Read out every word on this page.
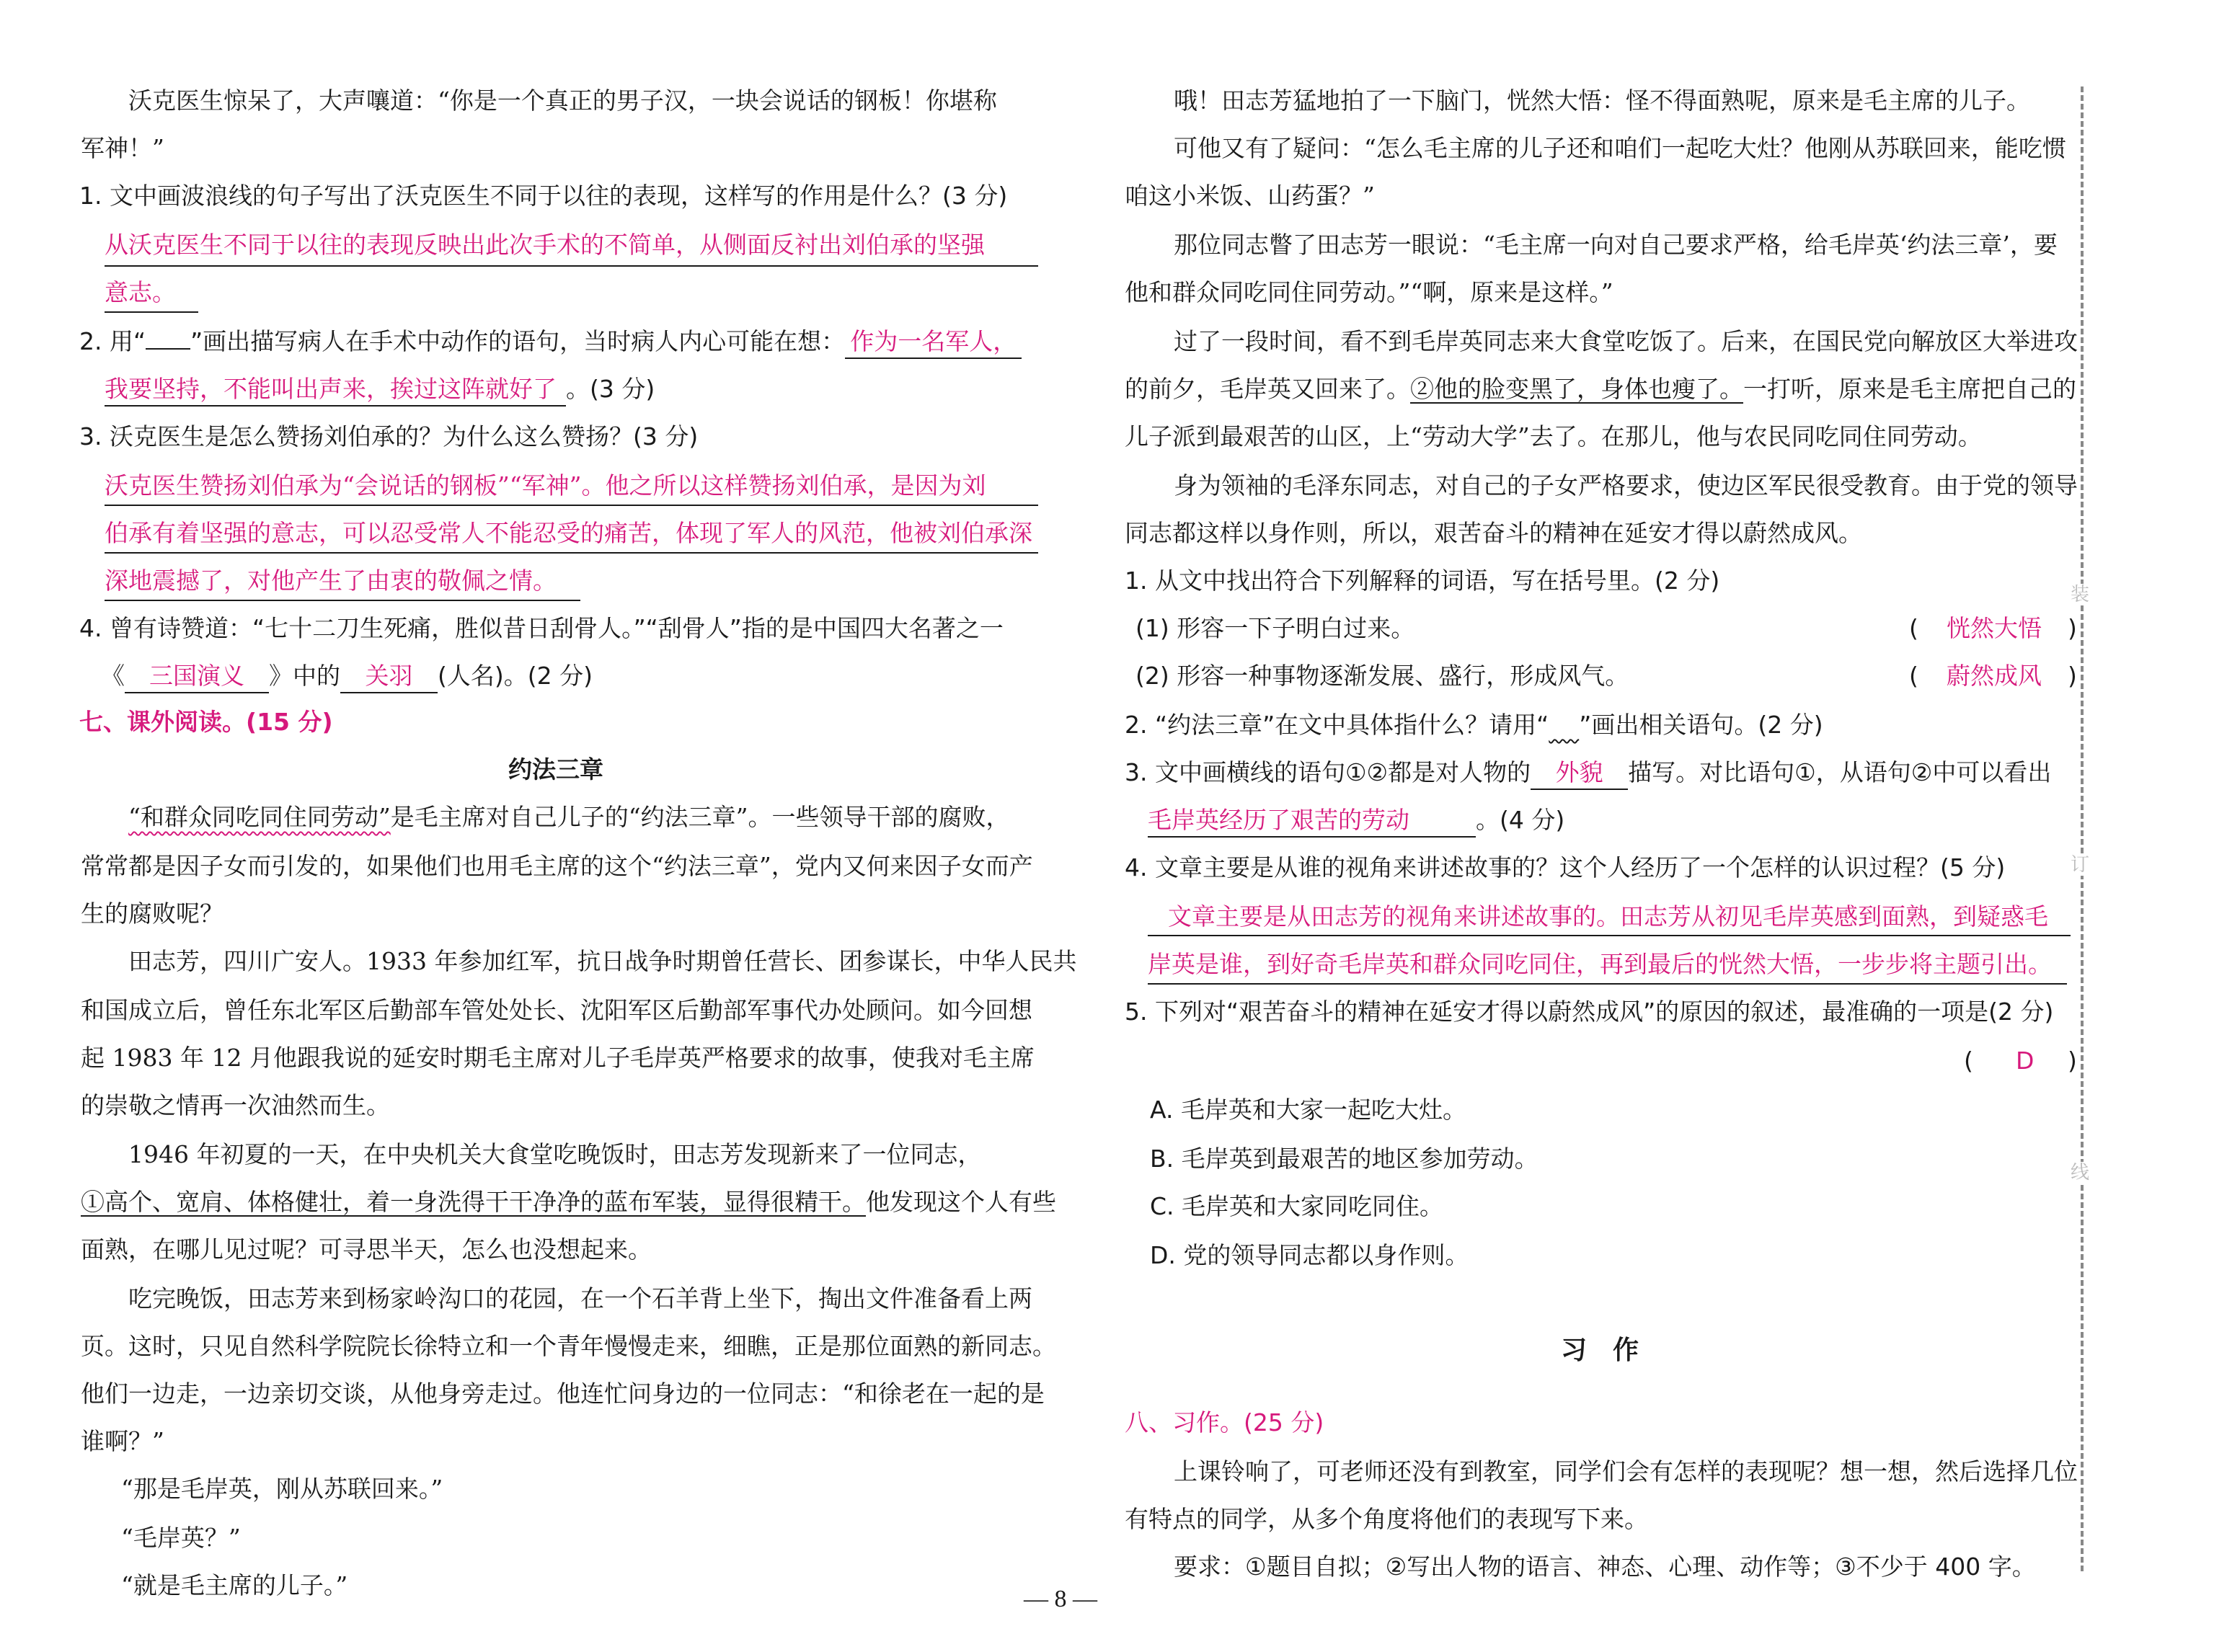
沃克医生惊呆了，大声嚷道：“你是一个真正的男子汉，一块会说话的钢板！你堪称
军神！”
1. 文中画波浪线的句子写出了沃克医生不同于以往的表现，这样写的作用是什么？(3 分)
从沃克医生不同于以往的表现反映出此次手术的不简单，从侧面反衬出刘伯承的坚强
意志。
2. 用“ ”画出描写病人在手术中动作的语句，当时病人内心可能在想： 作为一名军人，
我要坚持，不能叫出声来，挨过这阵就好了 。(3 分)
3. 沃克医生是怎么赞扬刘伯承的？为什么这么赞扬？(3 分)
沃克医生赞扬刘伯承为“会说话的钢板”“军神”。他之所以这样赞扬刘伯承，是因为刘
伯承有着坚强的意志，可以忍受常人不能忍受的痛苦，体现了军人的风范，他被刘伯承深
深地震撼了，对他产生了由衷的敬佩之情。
4. 曾有诗赞道：“七十二刀生死痛，胜似昔日刮骨人。”“刮骨人”指的是中国四大名著之一
《 三国演义 》中的 关羽 (人名)。(2 分)
七、课外阅读。(15 分)
约法三章
“和群众同吃同住同劳动”是毛主席对自己儿子的“约法三章”。一些领导干部的腐败，
常常都是因子女而引发的，如果他们也用毛主席的这个“约法三章”，党内又何来因子女而产
生的腐败呢？
田志芳，四川广安人。1933 年参加红军，抗日战争时期曾任营长、团参谋长，中华人民共
和国成立后，曾任东北军区后勤部车管处处长、沈阳军区后勤部军事代办处顾问。如今回想
起 1983 年 12 月他跟我说的延安时期毛主席对儿子毛岸英严格要求的故事，使我对毛主席
的崇敬之情再一次油然而生。
1946 年初夏的一天，在中央机关大食堂吃晚饭时，田志芳发现新来了一位同志，
①高个、宽肩、体格健壮，着一身洗得干干净净的蓝布军装，显得很精干。他发现这个人有些
面熟，在哪儿见过呢？可寻思半天，怎么也没想起来。
吃完晚饭，田志芳来到杨家岭沟口的花园，在一个石羊背上坐下，掏出文件准备看上两
页。这时，只见自然科学院院长徐特立和一个青年慢慢走来，细瞧，正是那位面熟的新同志。
他们一边走，一边亲切交谈，从他身旁走过。他连忙问身边的一位同志：“和徐老在一起的是
谁啊？”
“那是毛岸英，刚从苏联回来。”
“毛岸英？”
“就是毛主席的儿子。”
哦！田志芳猛地拍了一下脑门，恍然大悟：怪不得面熟呢，原来是毛主席的儿子。
可他又有了疑问：“怎么毛主席的儿子还和咱们一起吃大灶？他刚从苏联回来，能吃惯
咱这小米饭、山药蛋？”
那位同志瞥了田志芳一眼说：“毛主席一向对自己要求严格，给毛岸英‘约法三章’，要
他和群众同吃同住同劳动。”“啊，原来是这样。”
过了一段时间，看不到毛岸英同志来大食堂吃饭了。后来，在国民党向解放区大举进攻
的前夕，毛岸英又回来了。②他的脸变黑了，身体也瘦了。一打听，原来是毛主席把自己的
儿子派到最艰苦的山区，上“劳动大学”去了。在那儿，他与农民同吃同住同劳动。
身为领袖的毛泽东同志，对自己的子女严格要求，使边区军民很受教育。由于党的领导
同志都这样以身作则，所以，艰苦奋斗的精神在延安才得以蔚然成风。
1. 从文中找出符合下列解释的词语，写在括号里。(2 分)
(1) 形容一下子明白过来。	( 恍然大悟 )
(2) 形容一种事物逐渐发展、盛行，形成风气。	( 蔚然成风 )
2. “约法三章”在文中具体指什么？请用“ ”画出相关语句。(2 分)
3. 文中画横线的语句①②都是对人物的 外貌 描写。对比语句①，从语句②中可以看出
毛岸英经历了艰苦的劳动	。(4 分)
4. 文章主要是从谁的视角来讲述故事的？这个人经历了一个怎样的认识过程？(5 分)
文章主要是从田志芳的视角来讲述故事的。田志芳从初见毛岸英感到面熟，到疑惑毛
岸英是谁，到好奇毛岸英和群众同吃同住，再到最后的恍然大悟，一步步将主题引出。
5. 下列对“艰苦奋斗的精神在延安才得以蔚然成风”的原因的叙述，最准确的一项是(2 分)
( D )
A. 毛岸英和大家一起吃大灶。
B. 毛岸英到最艰苦的地区参加劳动。
C. 毛岸英和大家同吃同住。
D. 党的领导同志都以身作则。
习　作
八、习作。(25 分)
上课铃响了，可老师还没有到教室，同学们会有怎样的表现呢？想一想，然后选择几位
有特点的同学，从多个角度将他们的表现写下来。
要求：①题目自拟；②写出人物的语言、神态、心理、动作等；③不少于 400 字。
装
订
线
— 8 —
